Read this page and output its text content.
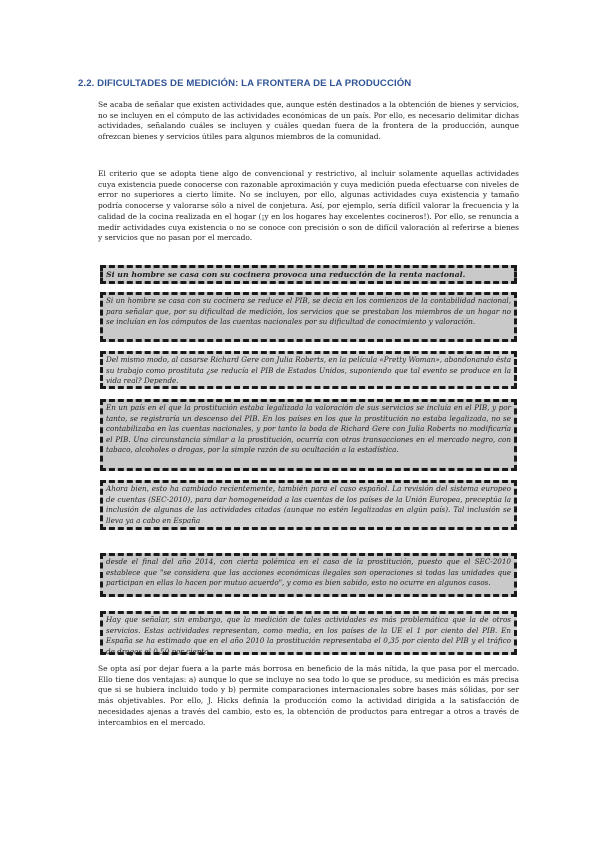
2.2. DIFICULTADES DE MEDICIÓN: LA FRONTERA DE LA PRODUCCIÓN

Se acaba de señalar que existen actividades que, aunque estén destinados a la obtención de bienes y servicios, no se incluyen en el cómputo de las actividades económicas de un país. Por ello, es necesario delimitar dichas actividades, señalando cuáles se incluyen y cuáles quedan fuera de la frontera de la producción, aunque ofrezcan bienes y servicios útiles para algunos miembros de la comunidad.

El criterio que se adopta tiene algo de convencional y restrictivo, al incluir solamente aquellas actividades cuya existencia puede conocerse con razonable aproximación y cuya medición pueda efectuarse con niveles de error no superiores a cierto límite. No se incluyen, por ello, algunas actividades cuya existencia y tamaño podría conocerse y valorarse sólo a nivel de conjetura. Así, por ejemplo, sería difícil valorar la frecuencia y la calidad de la cocina realizada en el hogar (¡y en los hogares hay excelentes cocineros!). Por ello, se renuncia a medir actividades cuya existencia o no se conoce con precisión o son de difícil valoración al referirse a bienes y servicios que no pasan por el mercado.

Si un hombre se casa con su cocinera provoca una reducción de la renta nacional.
Si un hombre se casa con su cocinera se reduce el PIB, se decía en los comienzos de la contabilidad nacional, para señalar que, por su dificultad de medición, los servicios que se prestaban los miembros de un hogar no se incluían en los cómputos de las cuentas nacionales por su dificultad de conocimiento y valoración.
Del mismo modo, al casarse Richard Gere con Julia Roberts, en la película «Pretty Woman», abandonando ésta su trabajo como prostituta ¿se reducía el PIB de Estados Unidos, suponiendo que tal evento se produce en la vida real? Depende.
En un país en el que la prostitución estaba legalizada la valoración de sus servicios se incluía en el PIB, y por tanto, se registraría un descenso del PIB. En los países en los que la prostitución no estaba legalizada, no se contabilizaba en las cuentas nacionales, y por tanto la boda de Richard Gere con Julia Roberts no modificaría el PIB. Una circunstancia similar a la prostitución, ocurría con otras transacciones en el mercado negro, con tabaco, alcoholes o drogas, por la simple razón de su ocultación a la estadística.
Ahora bien, esto ha cambiado recientemente, también para el caso español. La revisión del sistema europeo de cuentas (SEC-2010), para dar homogeneidad a las cuentas de los países de la Unión Europea, preceptúa la inclusión de algunas de las actividades citadas (aunque no estén legalizadas en algún país). Tal inclusión se lleva ya a cabo en España
desde el final del año 2014, con cierta polémica en el caso de la prostitución, puesto que el SEC-2010 establece que "se considera que las acciones económicas ilegales son operaciones si todas las unidades que participan en ellas lo hacen por mutuo acuerdo", y como es bien sabido, esto no ocurre en algunos casos.
Hay que señalar, sin embargo, que la medición de tales actividades es más problemática que la de otros servicios. Estas actividades representan, como media, en los países de la UE el 1 por ciento del PIB. En España se ha estimado que en el año 2010 la prostitución representaba el 0,35 por ciento del PIB y el tráfico de drogas el 0,50 por ciento.

Se opta así por dejar fuera a la parte más borrosa en beneficio de la más nítida, la que pasa por el mercado. Ello tiene dos ventajas: a) aunque lo que se incluye no sea todo lo que se produce, su medición es más precisa que si se hubiera incluido todo y b) permite comparaciones internacionales sobre bases más sólidas, por ser más objetivables. Por ello, J. Hicks definía la producción como la actividad dirigida a la satisfacción de necesidades ajenas a través del cambio, esto es, la obtención de productos para entregar a otros a través de intercambios en el mercado.
